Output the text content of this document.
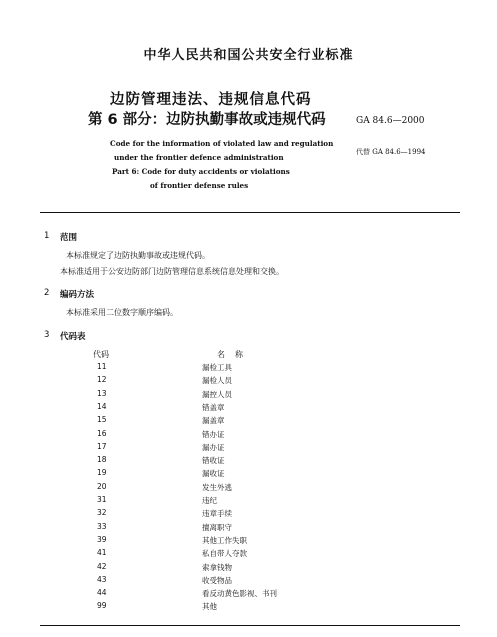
中华人民共和国公共安全行业标准
边防管理违法、违规信息代码
第 6 部分：边防执勤事故或违规代码	GA 84.6—2000
代替 GA 84.6—1994
Code for the information of violated law and regulation
under the frontier defence administration
Part 6: Code for duty accidents or violations
of frontier defense rules
1 范围
本标准规定了边防执勤事故或违规代码。
本标准适用于公安边防部门边防管理信息系统信息处理和交换。
2 编码方法
本标准采用二位数字顺序编码。
3 代码表
代码	名称
11	漏检工具
12	漏检人员
13	漏控人员
14	错盖章
15	漏盖章
16	错办证
17	漏办证
18	错收证
19	漏收证
20	发生外逃
31	违纪
32	违章手续
33	擅离职守
39	其他工作失职
41	私自带人夺款
42	索拿钱物
43	收受物品
44	看反动黄色影视、书刊
99	其他
